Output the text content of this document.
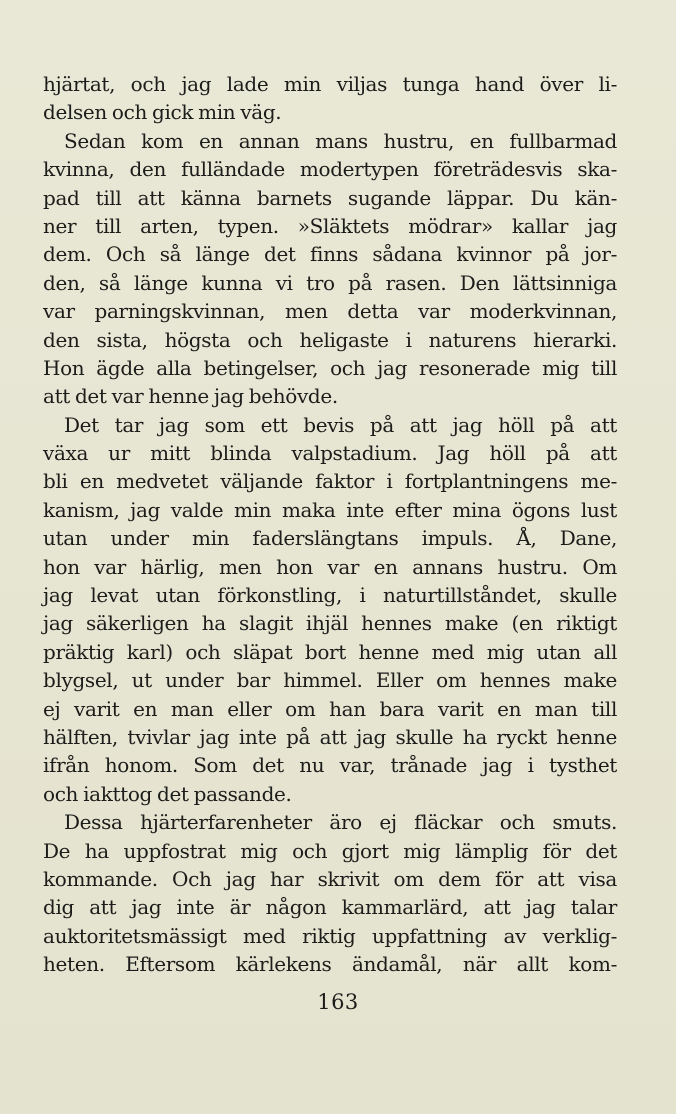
hjärtat, och jag lade min viljas tunga hand över li-
delsen och gick min väg.
Sedan kom en annan mans hustru, en fullbarmad
kvinna, den fulländade modertypen företrädesvis ska-
pad till att känna barnets sugande läppar. Du kän-
ner till arten, typen. »Släktets mödrar» kallar jag
dem. Och så länge det finns sådana kvinnor på jor-
den, så länge kunna vi tro på rasen. Den lättsinniga
var parningskvinnan, men detta var moderkvinnan,
den sista, högsta och heligaste i naturens hierarki.
Hon ägde alla betingelser, och jag resonerade mig till
att det var henne jag behövde.
Det tar jag som ett bevis på att jag höll på att
växa ur mitt blinda valpstadium. Jag höll på att
bli en medvetet väljande faktor i fortplantningens me-
kanism, jag valde min maka inte efter mina ögons lust
utan under min faderslängtans impuls. Å, Dane,
hon var härlig, men hon var en annans hustru. Om
jag levat utan förkonstling, i naturtillståndet, skulle
jag säkerligen ha slagit ihjäl hennes make (en riktigt
präktig karl) och släpat bort henne med mig utan all
blygsel, ut under bar himmel. Eller om hennes make
ej varit en man eller om han bara varit en man till
hälften, tvivlar jag inte på att jag skulle ha ryckt henne
ifrån honom. Som det nu var, trånade jag i tysthet
och iakttog det passande.
Dessa hjärterfarenheter äro ej fläckar och smuts.
De ha uppfostrat mig och gjort mig lämplig för det
kommande. Och jag har skrivit om dem för att visa
dig att jag inte är någon kammarlärd, att jag talar
auktoritetsmässigt med riktig uppfattning av verklig-
heten. Eftersom kärlekens ändamål, när allt kom-
163
